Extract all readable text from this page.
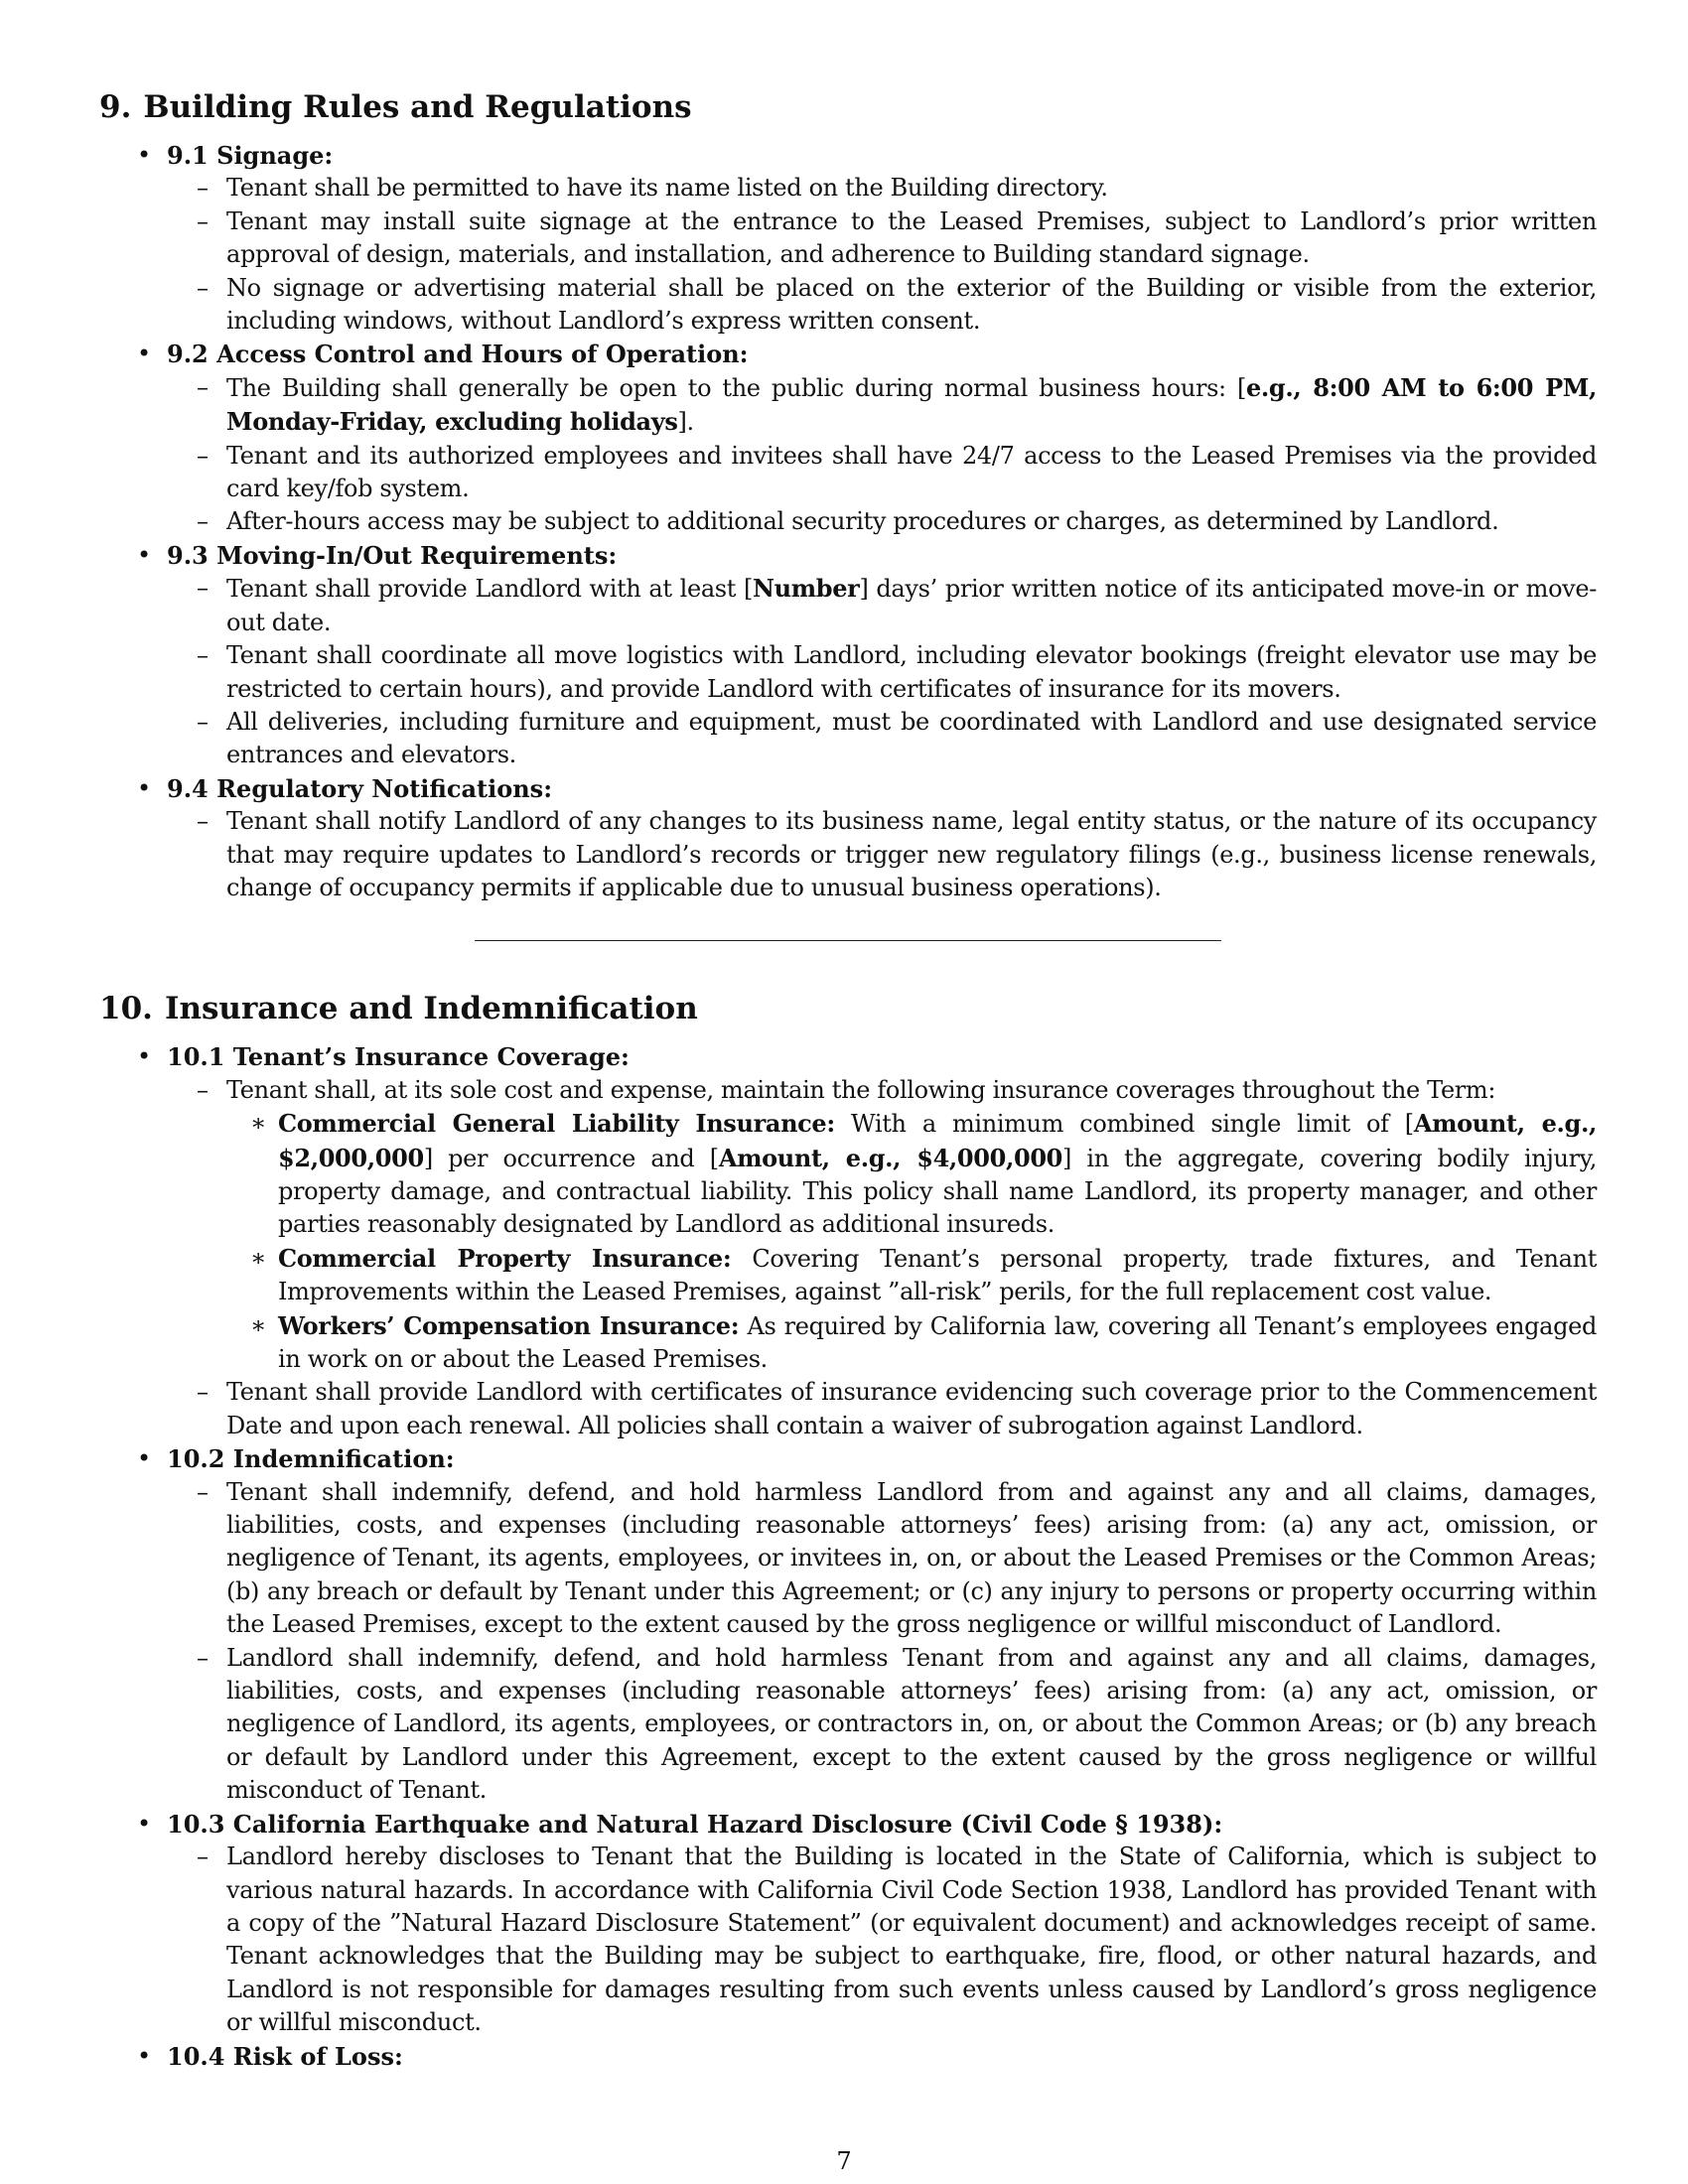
9. Building Rules and Regulations
• 9.1 Signage:
– Tenant shall be permitted to have its name listed on the Building directory.
– Tenant may install suite signage at the entrance to the Leased Premises, subject to Landlord’s prior written approval of design, materials, and installation, and adherence to Building standard signage.
– No signage or advertising material shall be placed on the exterior of the Building or visible from the exterior, including windows, without Landlord’s express written consent.
• 9.2 Access Control and Hours of Operation:
– The Building shall generally be open to the public during normal business hours: [e.g., 8:00 AM to 6:00 PM, Monday-Friday, excluding holidays].
– Tenant and its authorized employees and invitees shall have 24/7 access to the Leased Premises via the provided card key/fob system.
– After-hours access may be subject to additional security procedures or charges, as determined by Landlord.
• 9.3 Moving-In/Out Requirements:
– Tenant shall provide Landlord with at least [Number] days’ prior written notice of its anticipated move-in or move-out date.
– Tenant shall coordinate all move logistics with Landlord, including elevator bookings (freight elevator use may be restricted to certain hours), and provide Landlord with certificates of insurance for its movers.
– All deliveries, including furniture and equipment, must be coordinated with Landlord and use designated service entrances and elevators.
• 9.4 Regulatory Notifications:
– Tenant shall notify Landlord of any changes to its business name, legal entity status, or the nature of its occupancy that may require updates to Landlord’s records or trigger new regulatory filings (e.g., business license renewals, change of occupancy permits if applicable due to unusual business operations).
10. Insurance and Indemnification
• 10.1 Tenant’s Insurance Coverage:
– Tenant shall, at its sole cost and expense, maintain the following insurance coverages throughout the Term:
∗ Commercial General Liability Insurance: With a minimum combined single limit of [Amount, e.g., $2,000,000] per occurrence and [Amount, e.g., $4,000,000] in the aggregate, covering bodily injury, property damage, and contractual liability. This policy shall name Landlord, its property manager, and other parties reasonably designated by Landlord as additional insureds.
∗ Commercial Property Insurance: Covering Tenant’s personal property, trade fixtures, and Tenant Improvements within the Leased Premises, against ”all-risk” perils, for the full replacement cost value.
∗ Workers’ Compensation Insurance: As required by California law, covering all Tenant’s employees engaged in work on or about the Leased Premises.
– Tenant shall provide Landlord with certificates of insurance evidencing such coverage prior to the Commencement Date and upon each renewal. All policies shall contain a waiver of subrogation against Landlord.
• 10.2 Indemnification:
– Tenant shall indemnify, defend, and hold harmless Landlord from and against any and all claims, damages, liabilities, costs, and expenses (including reasonable attorneys’ fees) arising from: (a) any act, omission, or negligence of Tenant, its agents, employees, or invitees in, on, or about the Leased Premises or the Common Areas; (b) any breach or default by Tenant under this Agreement; or (c) any injury to persons or property occurring within the Leased Premises, except to the extent caused by the gross negligence or willful misconduct of Landlord.
– Landlord shall indemnify, defend, and hold harmless Tenant from and against any and all claims, damages, liabilities, costs, and expenses (including reasonable attorneys’ fees) arising from: (a) any act, omission, or negligence of Landlord, its agents, employees, or contractors in, on, or about the Common Areas; or (b) any breach or default by Landlord under this Agreement, except to the extent caused by the gross negligence or willful misconduct of Tenant.
• 10.3 California Earthquake and Natural Hazard Disclosure (Civil Code § 1938):
– Landlord hereby discloses to Tenant that the Building is located in the State of California, which is subject to various natural hazards. In accordance with California Civil Code Section 1938, Landlord has provided Tenant with a copy of the ”Natural Hazard Disclosure Statement” (or equivalent document) and acknowledges receipt of same. Tenant acknowledges that the Building may be subject to earthquake, fire, flood, or other natural hazards, and Landlord is not responsible for damages resulting from such events unless caused by Landlord’s gross negligence or willful misconduct.
• 10.4 Risk of Loss:
7
